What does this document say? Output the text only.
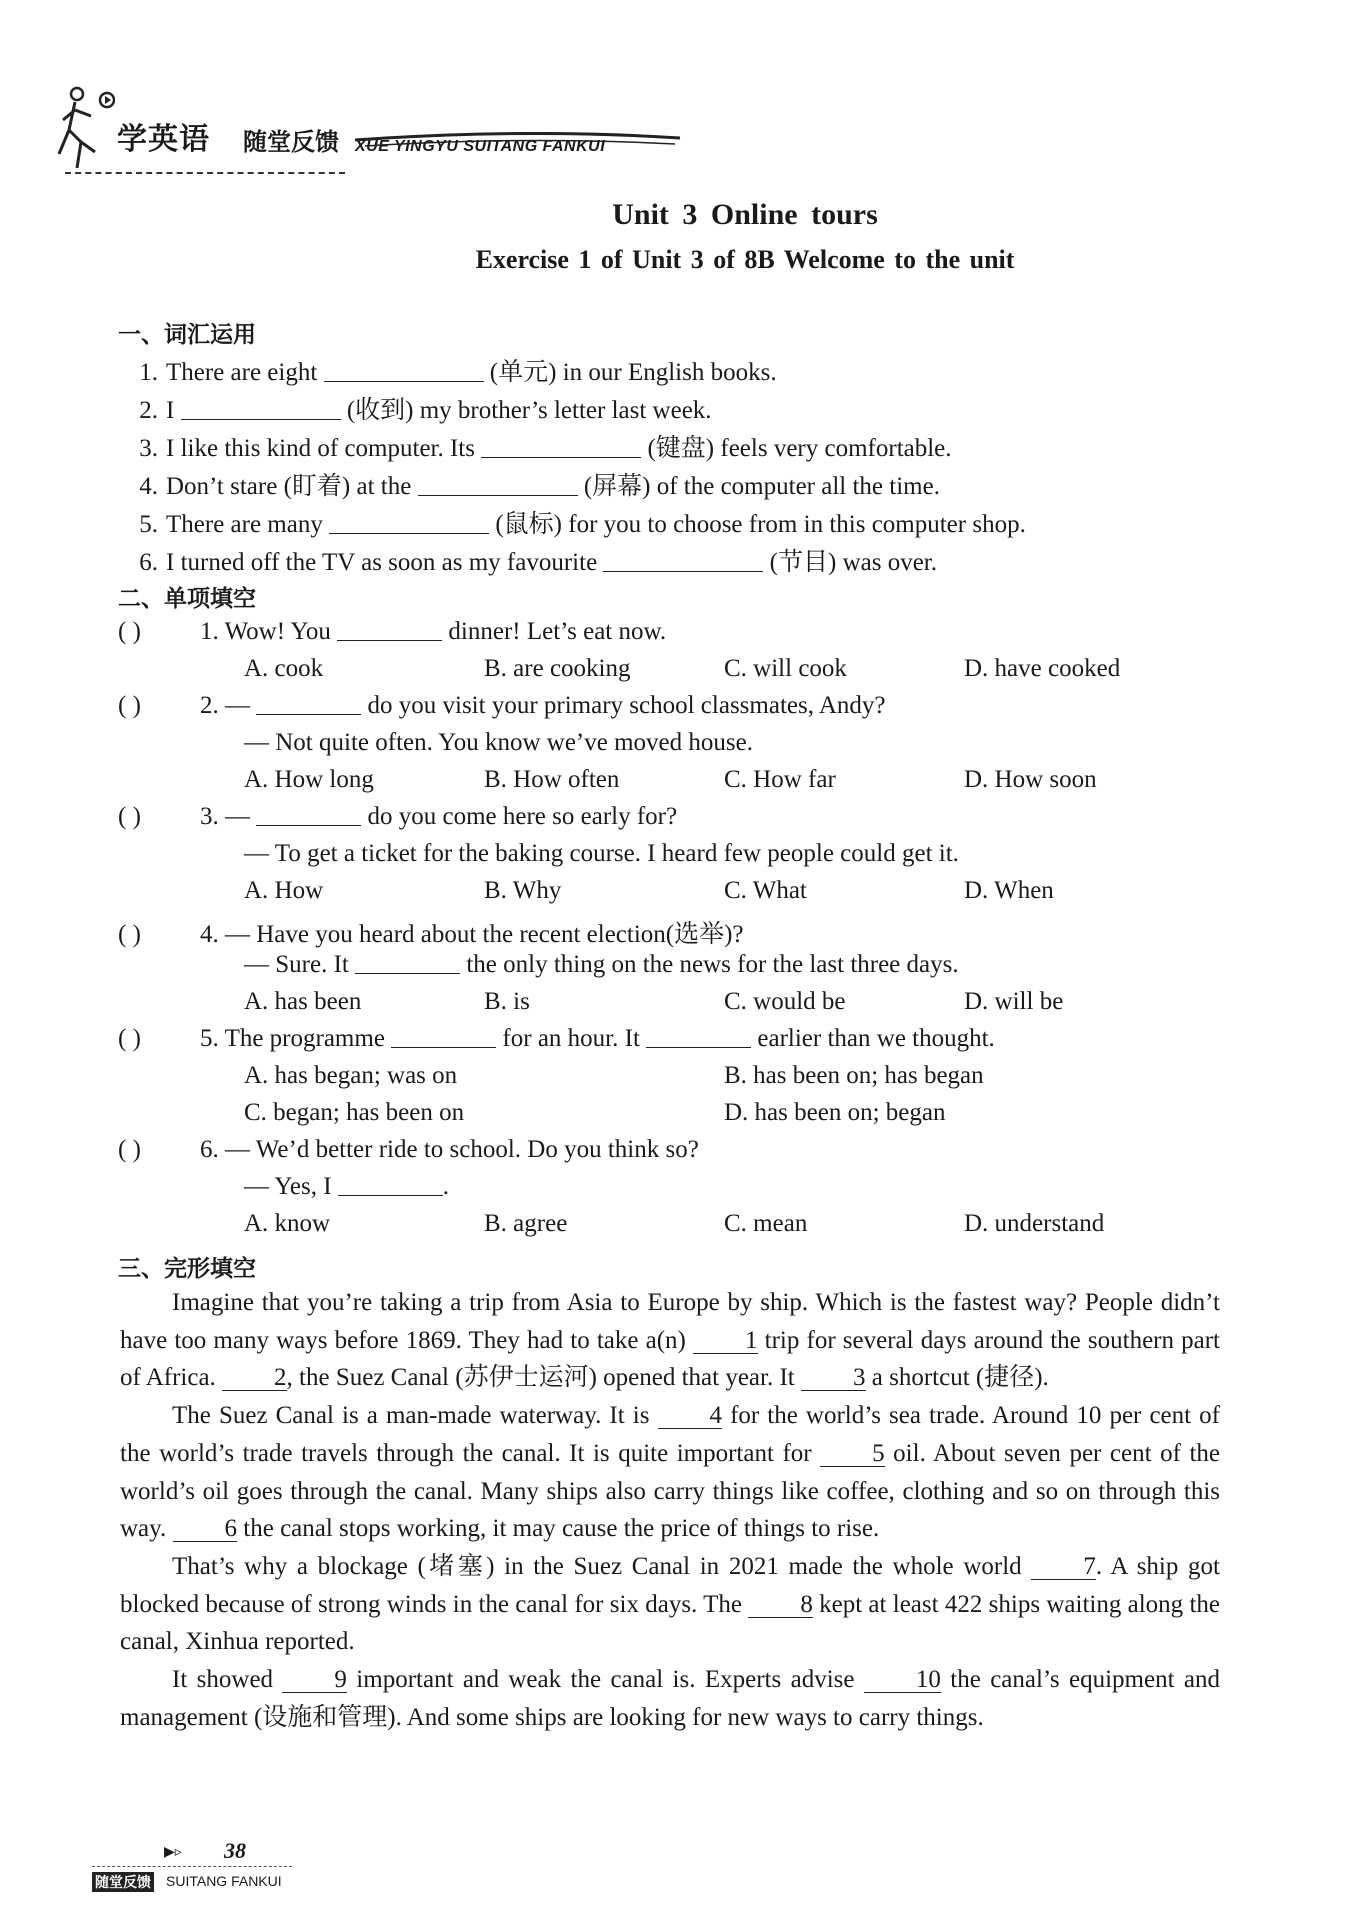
学英语 随堂反馈 XUE YINGYU SUITANG FANKUI
Unit 3 Online tours
Exercise 1 of Unit 3 of 8B Welcome to the unit
一、词汇运用
1. There are eight	(单元) in our English books.
2. I	(收到) my brother’s letter last week.
3. I like this kind of computer. Its	(键盘) feels very comfortable.
4. Don’t stare (盯着) at the	(屏幕) of the computer all the time.
5. There are many	(鼠标) for you to choose from in this computer shop.
6. I turned off the TV as soon as my favourite	(节目) was over.
二、单项填空
( ) 1. Wow! You	dinner! Let’s eat now.
A. cook	B. are cooking	C. will cook	D. have cooked
( ) 2. —	do you visit your primary school classmates, Andy?
— Not quite often. You know we’ve moved house.
A. How long	B. How often	C. How far	D. How soon
( ) 3. —	do you come here so early for?
— To get a ticket for the baking course. I heard few people could get it.
A. How	B. Why	C. What	D. When
( ) 4. — Have you heard about the recent election(选举)?
— Sure. It	the only thing on the news for the last three days.
A. has been	B. is	C. would be	D. will be
( ) 5. The programme	for an hour. It	earlier than we thought.
A. has began; was on	B. has been on; has began
C. began; has been on	D. has been on; began
( ) 6. — We’d better ride to school. Do you think so?
— Yes, I	.
A. know	B. agree	C. mean	D. understand
三、完形填空

Imagine that you’re taking a trip from Asia to Europe by ship. Which is the fastest way? People didn’t have too many ways before 1869. They had to take a(n) 1 trip for several days around the southern part of Africa. 2, the Suez Canal (苏伊士运河) opened that year. It 3 a shortcut (捷径).

The Suez Canal is a man-made waterway. It is 4 for the world’s sea trade. Around 10 per cent of the world’s trade travels through the canal. It is quite important for 5 oil. About seven per cent of the world’s oil goes through the canal. Many ships also carry things like coffee, clothing and so on through this way. 6 the canal stops working, it may cause the price of things to rise.

That’s why a blockage (堵塞) in the Suez Canal in 2021 made the whole world 7. A ship got blocked because of strong winds in the canal for six days. The 8 kept at least 422 ships waiting along the canal, Xinhua reported.

It showed 9 important and weak the canal is. Experts advise 10 the canal’s equipment and management (设施和管理). And some ships are looking for new ways to carry things.

▶▹ 38
随堂反馈 SUITANG FANKUI
